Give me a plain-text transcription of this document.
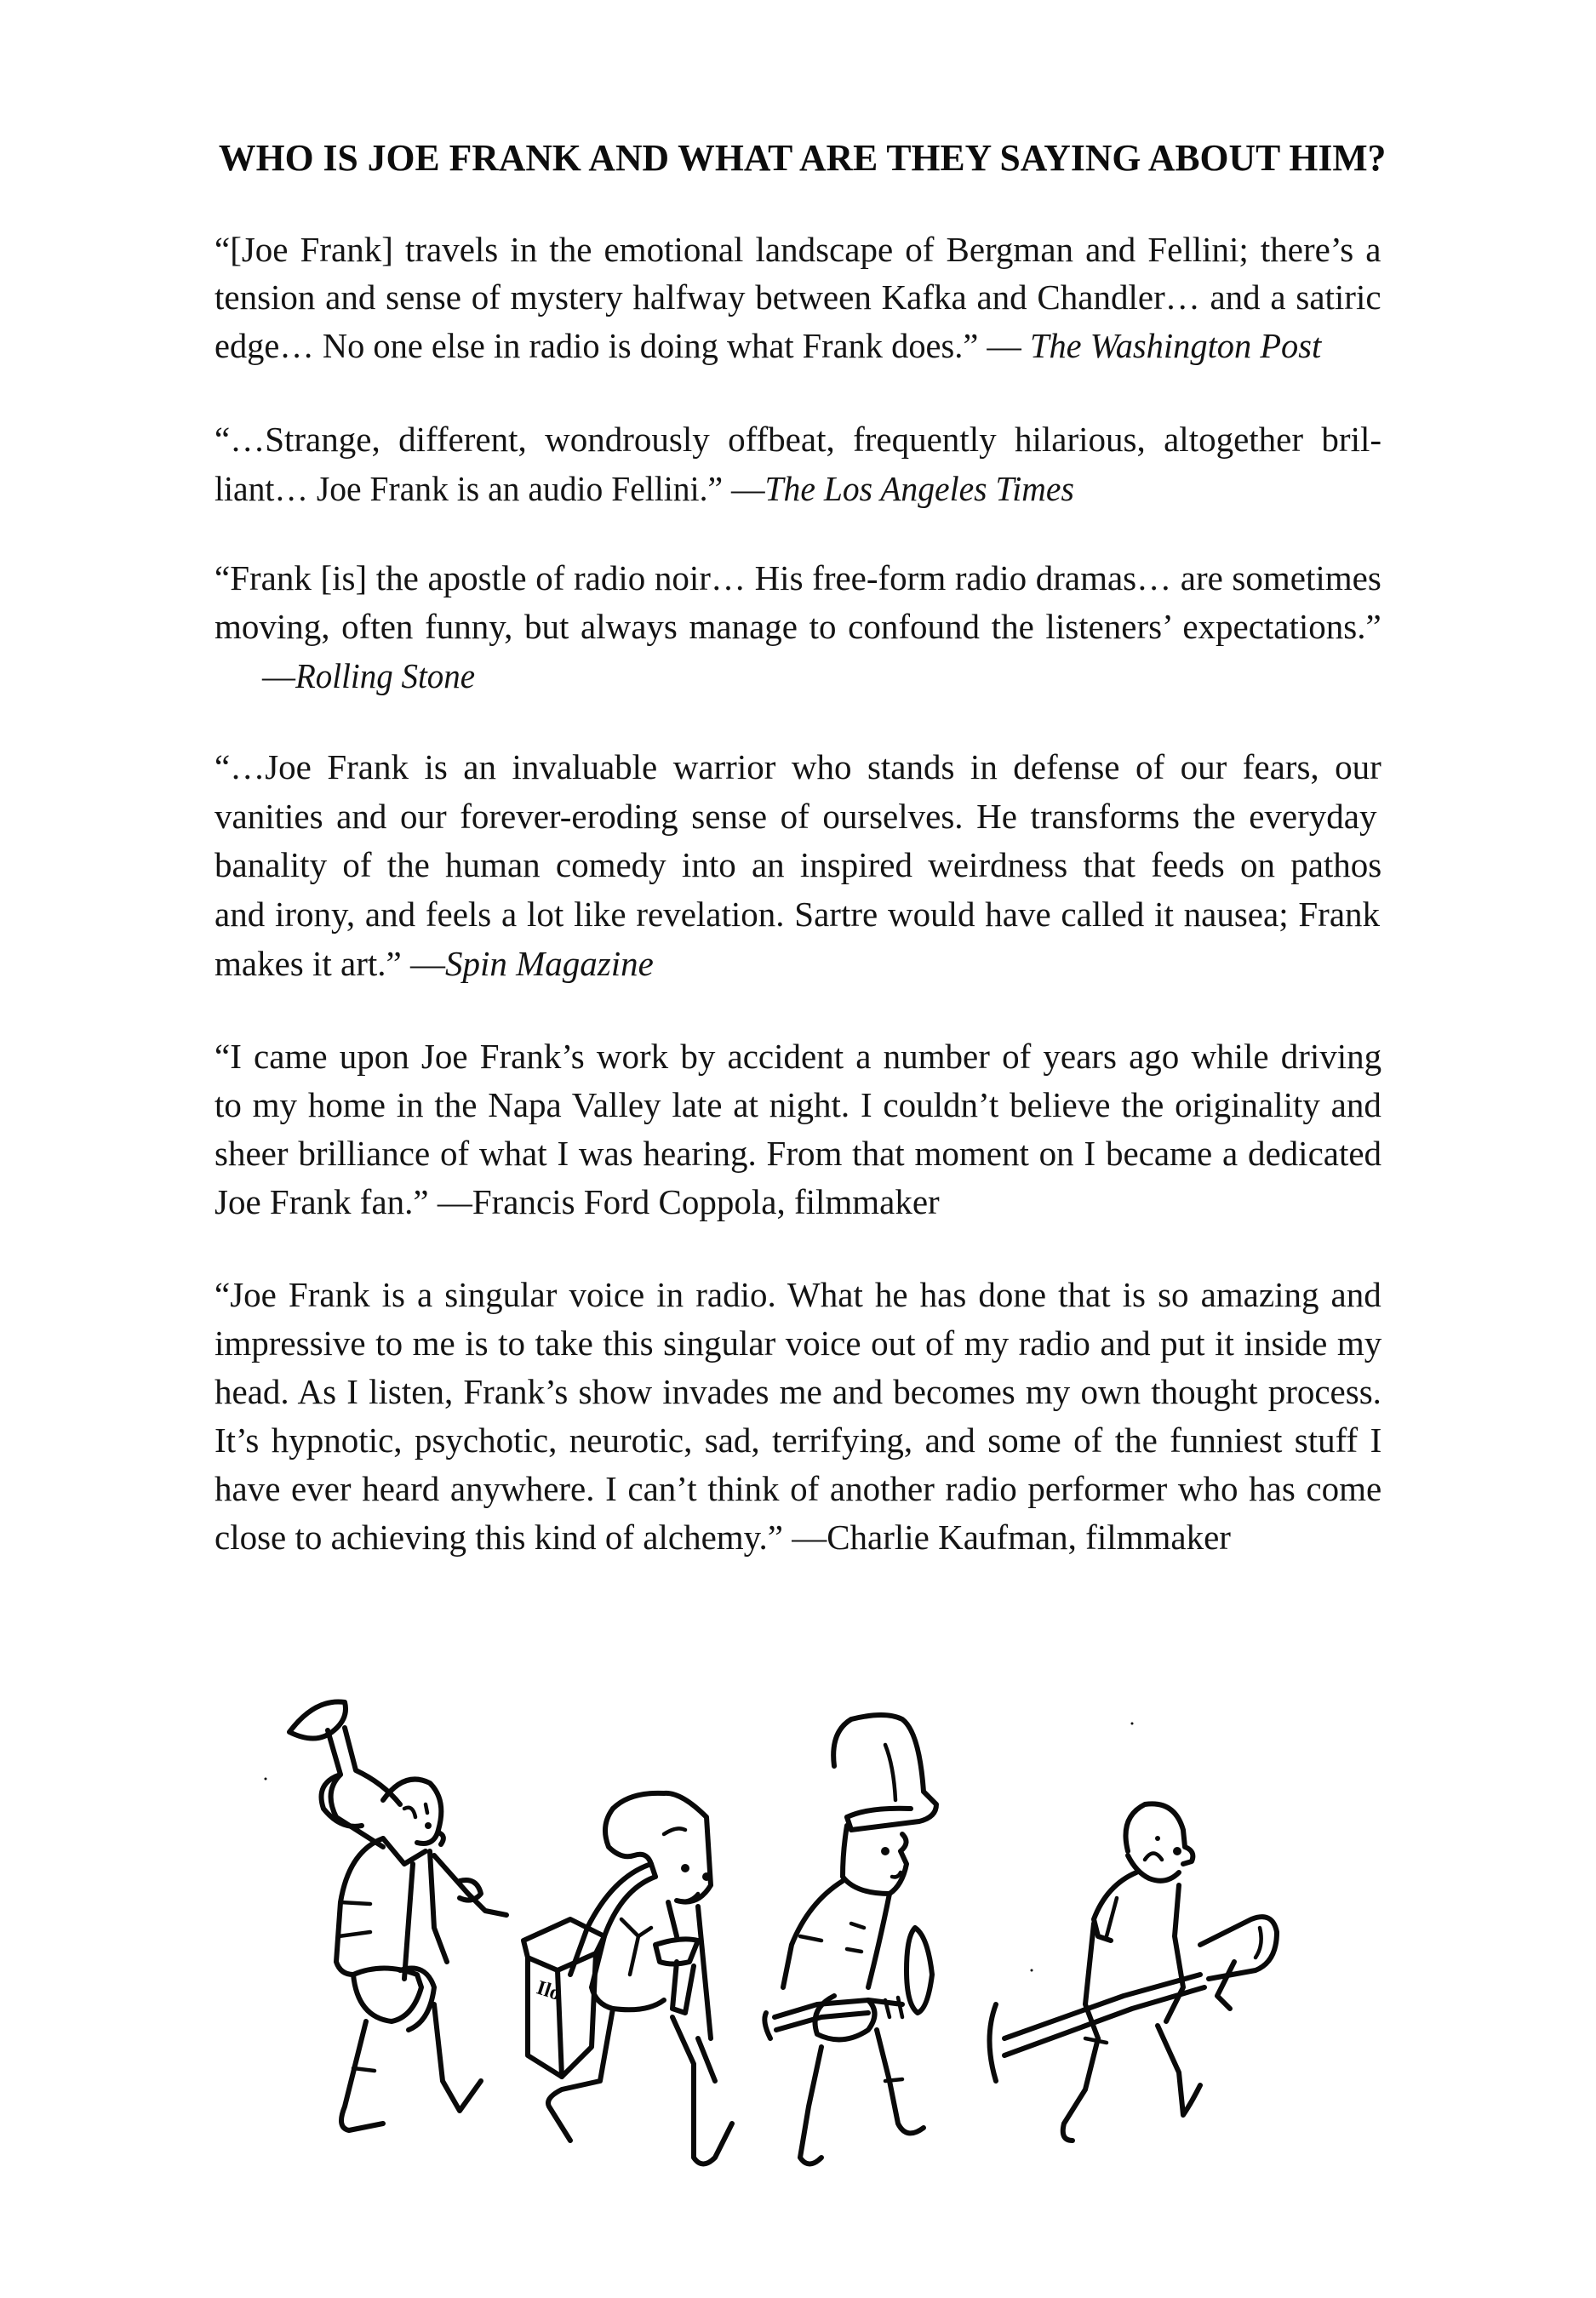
WHO IS JOE FRANK AND WHAT ARE THEY SAYING ABOUT HIM?
“[Joe Frank] travels in the emotional landscape of Bergman and Fellini; there’s a
tension and sense of mystery halfway between Kafka and Chandler… and a satiric
edge… No one else in radio is doing what Frank does.” — The Washington Post
“…Strange, different, wondrously offbeat, frequently hilarious, altogether bril-
liant… Joe Frank is an audio Fellini.” —The Los Angeles Times
“Frank [is] the apostle of radio noir… His free-form radio dramas… are sometimes
moving, often funny, but always manage to confound the listeners’ expectations.”
—Rolling Stone
“…Joe Frank is an invaluable warrior who stands in defense of our fears, our
vanities and our forever-eroding sense of ourselves. He transforms the everyday
banality of the human comedy into an inspired weirdness that feeds on pathos
and irony, and feels a lot like revelation. Sartre would have called it nausea; Frank
makes it art.” —Spin Magazine
“I came upon Joe Frank’s work by accident a number of years ago while driving
to my home in the Napa Valley late at night. I couldn’t believe the originality and
sheer brilliance of what I was hearing. From that moment on I became a dedicated
Joe Frank fan.” —Francis Ford Coppola, filmmaker
“Joe Frank is a singular voice in radio. What he has done that is so amazing and
impressive to me is to take this singular voice out of my radio and put it inside my
head. As I listen, Frank’s show invades me and becomes my own thought process.
It’s hypnotic, psychotic, neurotic, sad, terrifying, and some of the funniest stuff I
have ever heard anywhere. I can’t think of another radio performer who has come
close to achieving this kind of alchemy.” —Charlie Kaufman, filmmaker
Ilo
